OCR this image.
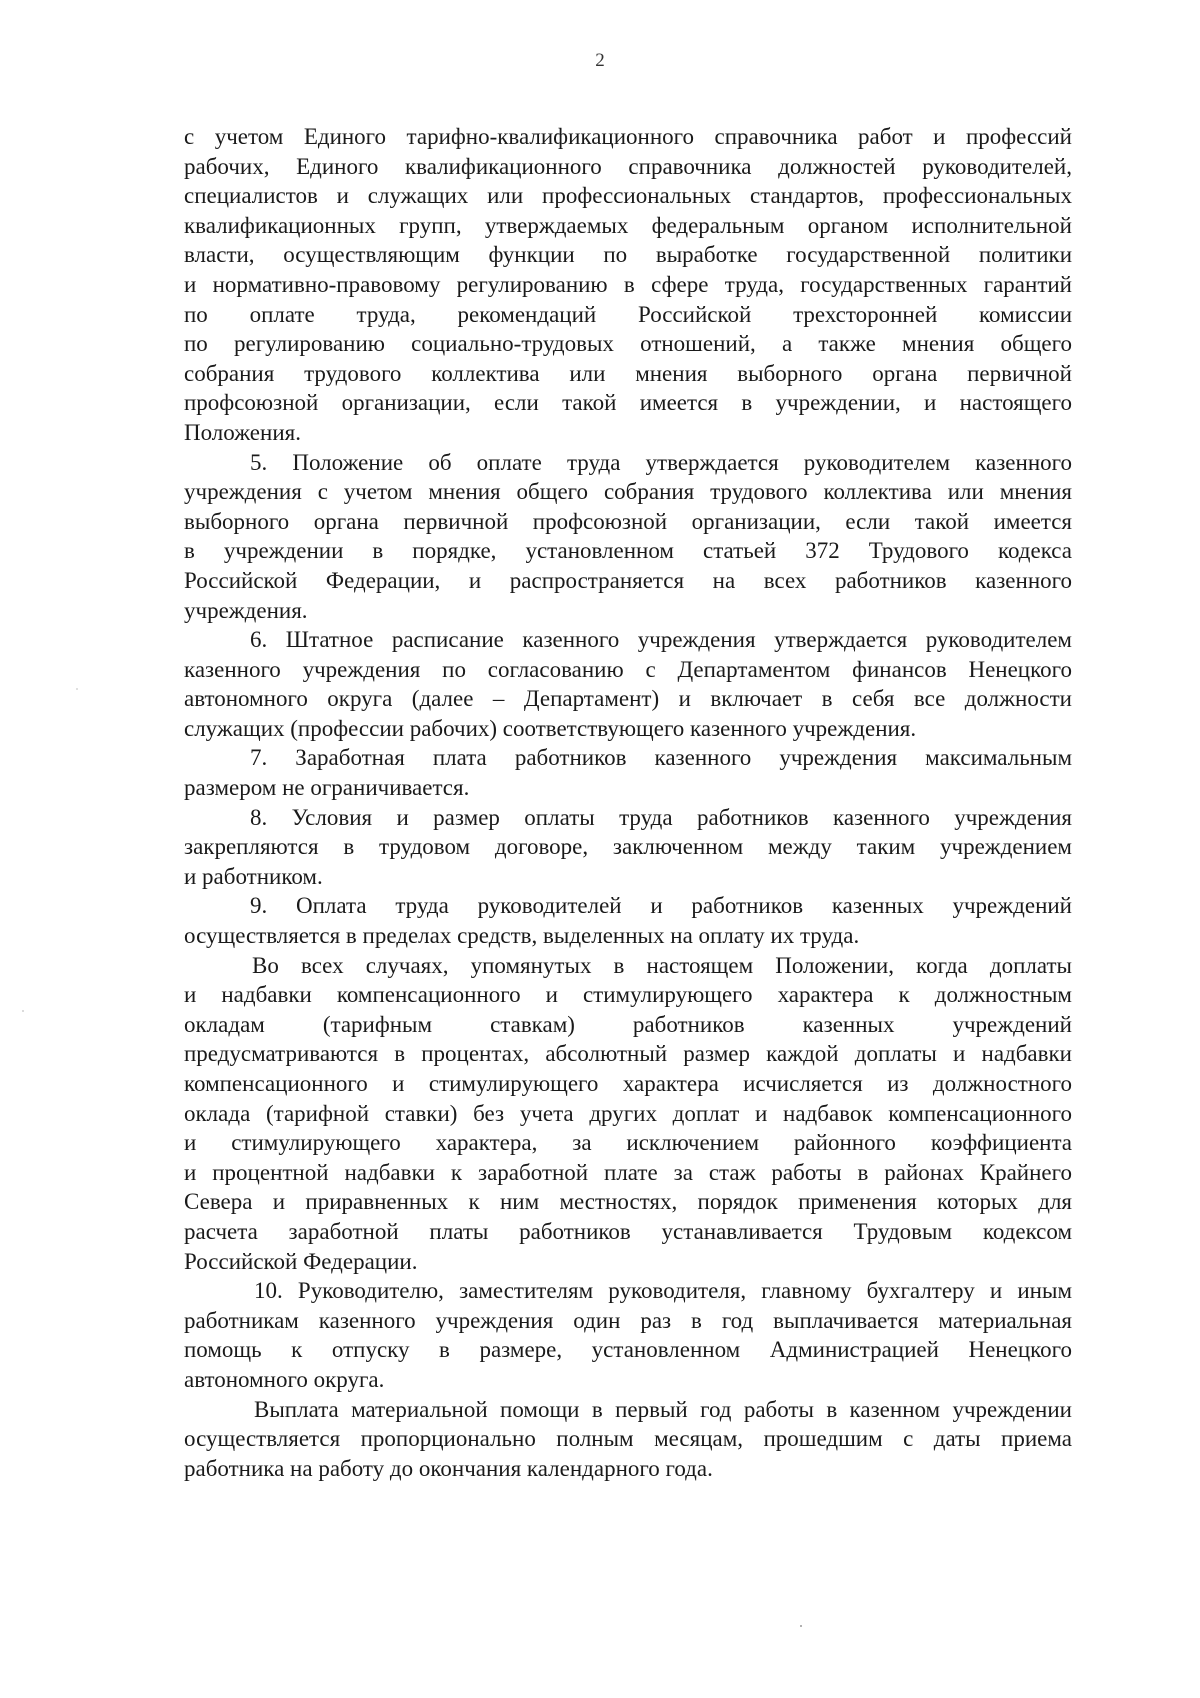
2

с учетом Единого тарифно-квалификационного справочника работ и профессий
рабочих, Единого квалификационного справочника должностей руководителей,
специалистов и служащих или профессиональных стандартов, профессиональных
квалификационных групп, утверждаемых федеральным органом исполнительной
власти, осуществляющим функции по выработке государственной политики
и нормативно-правовому регулированию в сфере труда, государственных гарантий
по оплате труда, рекомендаций Российской трехсторонней комиссии
по регулированию социально-трудовых отношений, а также мнения общего
собрания трудового коллектива или мнения выборного органа первичной
профсоюзной организации, если такой имеется в учреждении, и настоящего
Положения.

5. Положение об оплате труда утверждается руководителем казенного
учреждения с учетом мнения общего собрания трудового коллектива или мнения
выборного органа первичной профсоюзной организации, если такой имеется
в учреждении в порядке, установленном статьей 372 Трудового кодекса
Российской Федерации, и распространяется на всех работников казенного
учреждения.

6. Штатное расписание казенного учреждения утверждается руководителем
казенного учреждения по согласованию с Департаментом финансов Ненецкого
автономного округа (далее – Департамент) и включает в себя все должности
служащих (профессии рабочих) соответствующего казенного учреждения.

7. Заработная плата работников казенного учреждения максимальным
размером не ограничивается.

8. Условия и размер оплаты труда работников казенного учреждения
закрепляются в трудовом договоре, заключенном между таким учреждением
и работником.

9. Оплата труда руководителей и работников казенных учреждений
осуществляется в пределах средств, выделенных на оплату их труда.

Во всех случаях, упомянутых в настоящем Положении, когда доплаты
и надбавки компенсационного и стимулирующего характера к должностным
окладам (тарифным ставкам) работников казенных учреждений
предусматриваются в процентах, абсолютный размер каждой доплаты и надбавки
компенсационного и стимулирующего характера исчисляется из должностного
оклада (тарифной ставки) без учета других доплат и надбавок компенсационного
и стимулирующего характера, за исключением районного коэффициента
и процентной надбавки к заработной плате за стаж работы в районах Крайнего
Севера и приравненных к ним местностях, порядок применения которых для
расчета заработной платы работников устанавливается Трудовым кодексом
Российской Федерации.

10. Руководителю, заместителям руководителя, главному бухгалтеру и иным
работникам казенного учреждения один раз в год выплачивается материальная
помощь к отпуску в размере, установленном Администрацией Ненецкого
автономного округа.

Выплата материальной помощи в первый год работы в казенном учреждении
осуществляется пропорционально полным месяцам, прошедшим с даты приема
работника на работу до окончания календарного года.
